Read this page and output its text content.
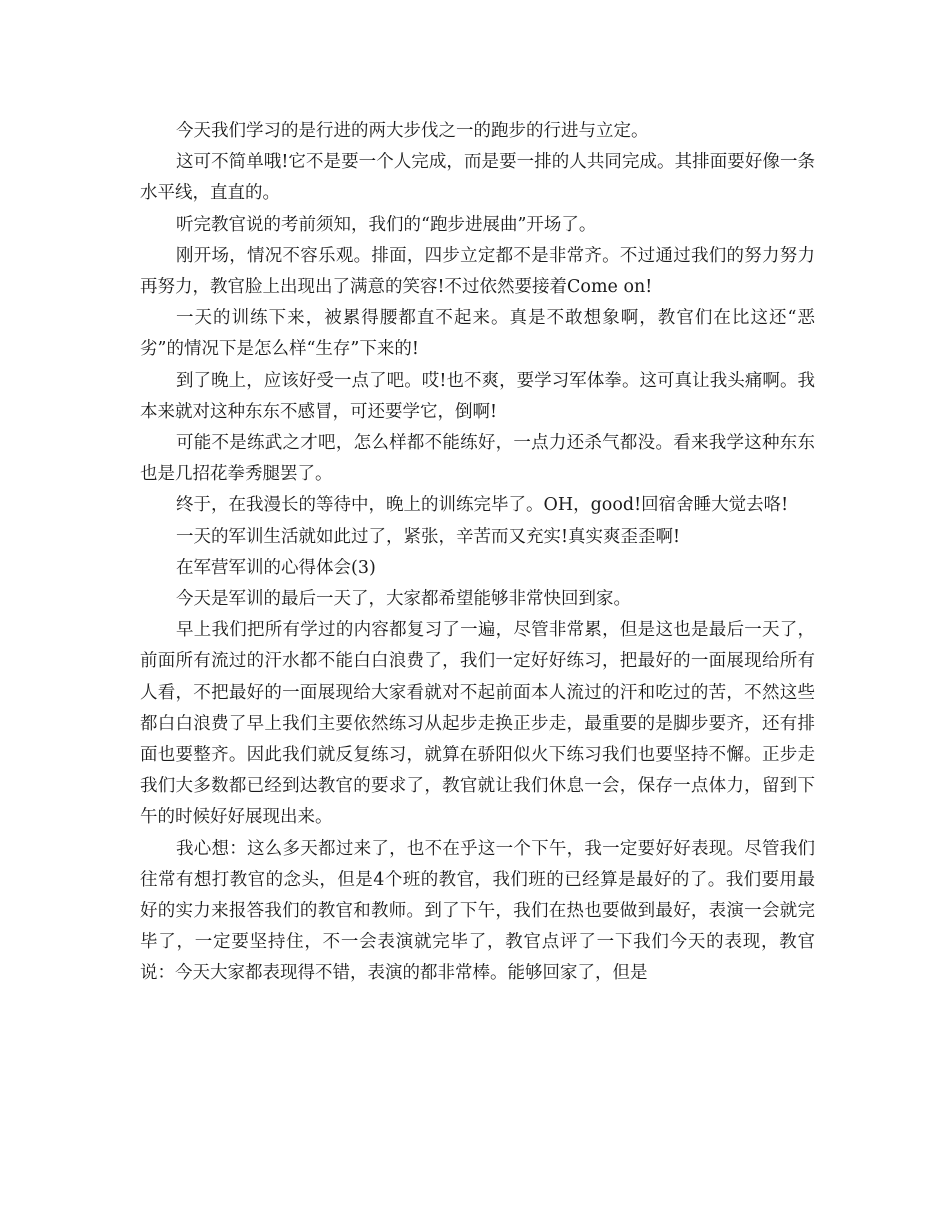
今天我们学习的是行进的两大步伐之一的跑步的行进与立定。

这可不简单哦!它不是要一个人完成，而是要一排的人共同完成。其排面要好像一条水平线，直直的。

听完教官说的考前须知，我们的“跑步进展曲”开场了。

刚开场，情况不容乐观。排面，四步立定都不是非常齐。不过通过我们的努力努力再努力，教官脸上出现出了满意的笑容!不过依然要接着Come on!

一天的训练下来，被累得腰都直不起来。真是不敢想象啊，教官们在比这还“恶劣”的情况下是怎么样“生存”下来的!

到了晚上，应该好受一点了吧。哎!也不爽，要学习军体拳。这可真让我头痛啊。我本来就对这种东东不感冒，可还要学它，倒啊!

可能不是练武之才吧，怎么样都不能练好，一点力还杀气都没。看来我学这种东东也是几招花拳秀腿罢了。

终于，在我漫长的等待中，晚上的训练完毕了。OH，good!回宿舍睡大觉去咯!

一天的军训生活就如此过了，紧张，辛苦而又充实!真实爽歪歪啊!

在军营军训的心得体会(3)

今天是军训的最后一天了，大家都希望能够非常快回到家。

早上我们把所有学过的内容都复习了一遍，尽管非常累，但是这也是最后一天了，前面所有流过的汗水都不能白白浪费了，我们一定好好练习，把最好的一面展现给所有人看，不把最好的一面展现给大家看就对不起前面本人流过的汗和吃过的苦，不然这些都白白浪费了早上我们主要依然练习从起步走换正步走，最重要的是脚步要齐，还有排面也要整齐。因此我们就反复练习，就算在骄阳似火下练习我们也要坚持不懈。正步走我们大多数都已经到达教官的要求了，教官就让我们休息一会，保存一点体力，留到下午的时候好好展现出来。

我心想：这么多天都过来了，也不在乎这一个下午，我一定要好好表现。尽管我们往常有想打教官的念头，但是4个班的教官，我们班的已经算是最好的了。我们要用最好的实力来报答我们的教官和教师。到了下午，我们在热也要做到最好，表演一会就完毕了，一定要坚持住，不一会表演就完毕了，教官点评了一下我们今天的表现，教官说：今天大家都表现得不错，表演的都非常棒。能够回家了，但是
